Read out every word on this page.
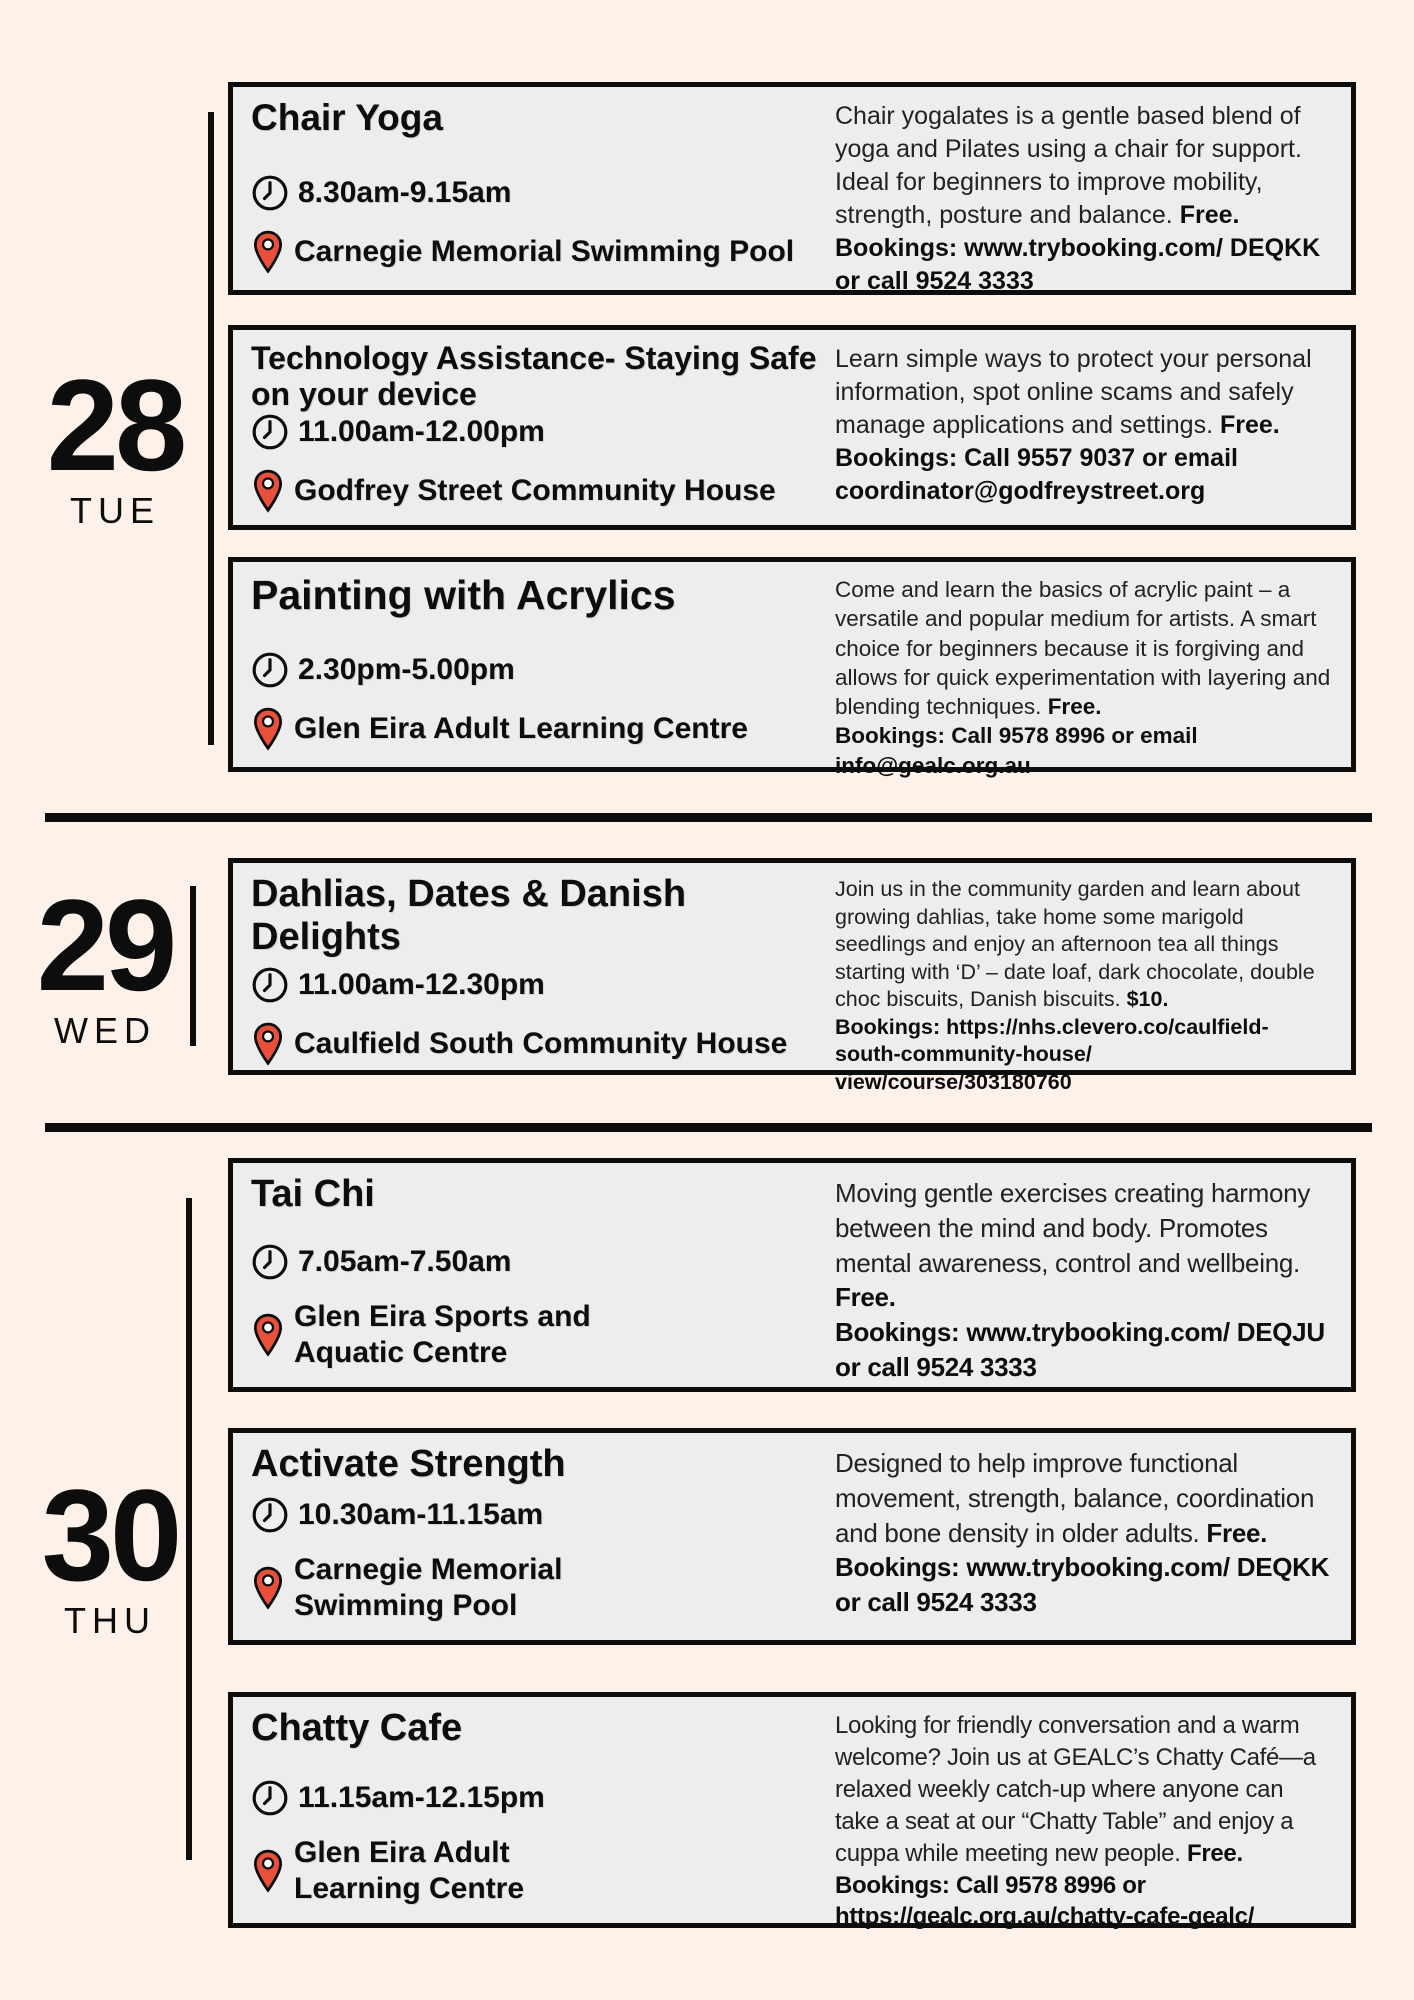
28
TUE
Chair Yoga
8.30am-9.15am
Carnegie Memorial Swimming Pool
Chair yogalates is a gentle based blend of yoga and Pilates using a chair for support. Ideal for beginners to improve mobility, strength, posture and balance. Free.
Bookings: www.trybooking.com/ DEQKK or call 9524 3333
Technology Assistance- Staying Safe on your device
11.00am-12.00pm
Godfrey Street Community House
Learn simple ways to protect your personal information, spot online scams and safely manage applications and settings. Free.
Bookings: Call 9557 9037 or email coordinator@godfreystreet.org
Painting with Acrylics
2.30pm-5.00pm
Glen Eira Adult Learning Centre
Come and learn the basics of acrylic paint – a versatile and popular medium for artists. A smart choice for beginners because it is forgiving and allows for quick experimentation with layering and blending techniques. Free.
Bookings: Call 9578 8996 or email info@gealc.org.au
29
WED
Dahlias, Dates & Danish Delights
11.00am-12.30pm
Caulfield South Community House
Join us in the community garden and learn about growing dahlias, take home some marigold seedlings and enjoy an afternoon tea all things starting with ‘D’ – date loaf, dark chocolate, double choc biscuits, Danish biscuits. $10.
Bookings: https://nhs.clevero.co/caulfield-south-community-house/ view/course/303180760
30
THU
Tai Chi
7.05am-7.50am
Glen Eira Sports and Aquatic Centre
Moving gentle exercises creating harmony between the mind and body. Promotes mental awareness, control and wellbeing. Free.
Bookings: www.trybooking.com/ DEQJU or call 9524 3333
Activate Strength
10.30am-11.15am
Carnegie Memorial Swimming Pool
Designed to help improve functional movement, strength, balance, coordination and bone density in older adults. Free.
Bookings: www.trybooking.com/ DEQKK or call 9524 3333
Chatty Cafe
11.15am-12.15pm
Glen Eira Adult Learning Centre
Looking for friendly conversation and a warm welcome? Join us at GEALC’s Chatty Café—a relaxed weekly catch-up where anyone can take a seat at our “Chatty Table” and enjoy a cuppa while meeting new people. Free.
Bookings: Call 9578 8996 or https://gealc.org.au/chatty-cafe-gealc/
